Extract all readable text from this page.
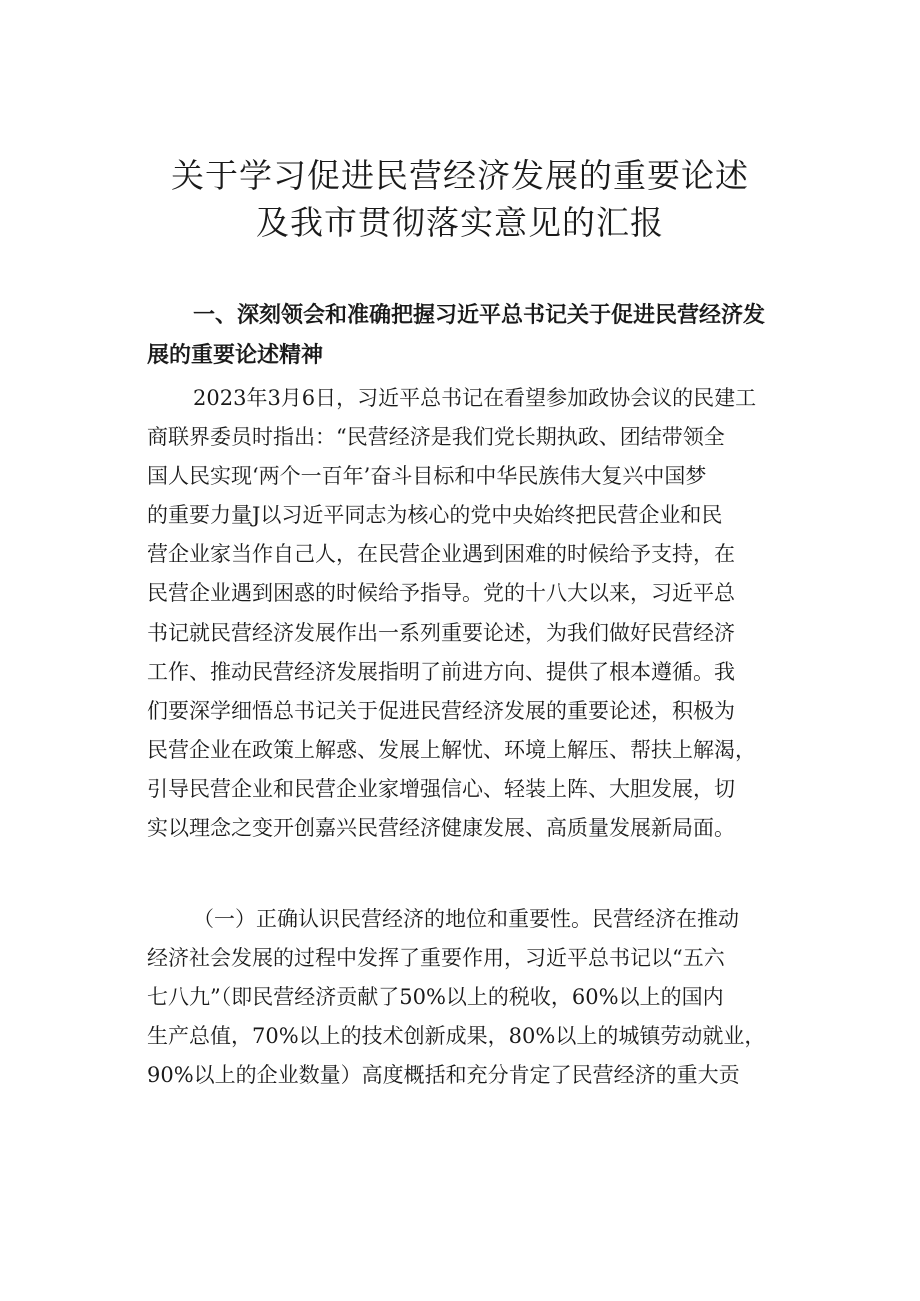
关于学习促进民营经济发展的重要论述
及我市贯彻落实意见的汇报
一、深刻领会和准确把握习近平总书记关于促进民营经济发
展的重要论述精神
2023年3月6日，习近平总书记在看望参加政协会议的民建工
商联界委员时指出：“民营经济是我们党长期执政、团结带领全
国人民实现‘两个一百年’奋斗目标和中华民族伟大复兴中国梦
的重要力量J以习近平同志为核心的党中央始终把民营企业和民
营企业家当作自己人，在民营企业遇到困难的时候给予支持，在
民营企业遇到困惑的时候给予指导。党的十八大以来，习近平总
书记就民营经济发展作出一系列重要论述，为我们做好民营经济
工作、推动民营经济发展指明了前进方向、提供了根本遵循。我
们要深学细悟总书记关于促进民营经济发展的重要论述，积极为
民营企业在政策上解惑、发展上解忧、环境上解压、帮扶上解渴，
引导民营企业和民营企业家增强信心、轻装上阵、大胆发展，切
实以理念之变开创嘉兴民营经济健康发展、高质量发展新局面。
（一）正确认识民营经济的地位和重要性。民营经济在推动
经济社会发展的过程中发挥了重要作用，习近平总书记以“五六
七八九”（即民营经济贡献了50%以上的税收，60%以上的国内
生产总值，70%以上的技术创新成果，80%以上的城镇劳动就业，
90%以上的企业数量）高度概括和充分肯定了民营经济的重大贡
